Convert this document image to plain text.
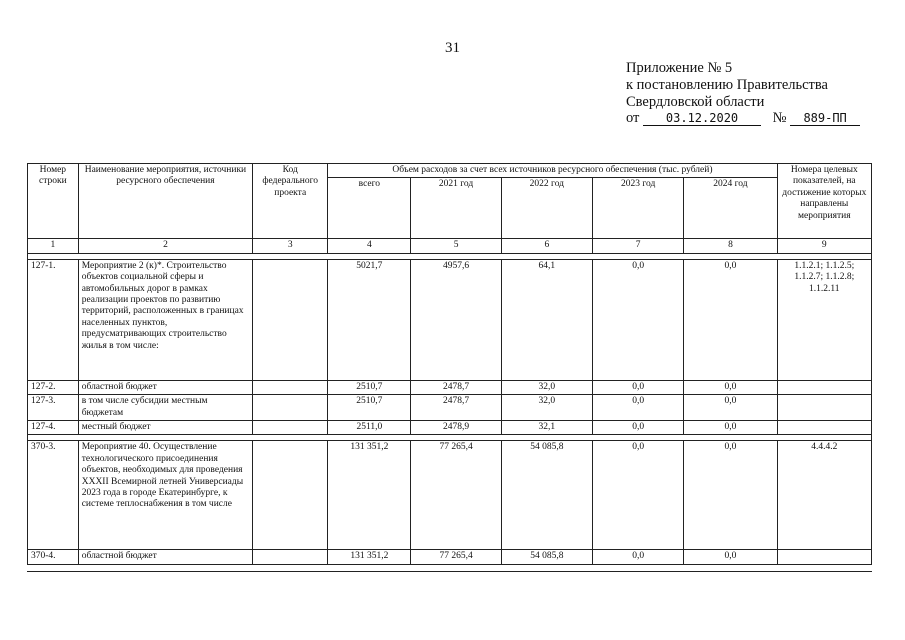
31
Приложение № 5
к постановлению Правительства
Свердловской области
от 03.12.2020 № 889-ПП
Номер строки	Наименование мероприятия, источники ресурсного обеспечения	Код федерального проекта	Объем расходов за счет всех источников ресурсного обеспечения (тыс. рублей)					Номера целевых показателей, на достижение которых направлены мероприятия
			всего	2021 год	2022 год	2023 год	2024 год	
1	2	3	4	5	6	7	8	9

127-1.	Мероприятие 2 (к)*. Строительство объектов социальной сферы и автомобильных дорог в рамках реализации проектов по развитию территорий, расположенных в границах населенных пунктов, предусматривающих строительство жилья в том числе:		5021,7	4957,6	64,1	0,0	0,0	1.1.2.1; 1.1.2.5; 1.1.2.7; 1.1.2.8; 1.1.2.11
127-2.	областной бюджет		2510,7	2478,7	32,0	0,0	0,0	
127-3.	в том числе субсидии местным бюджетам		2510,7	2478,7	32,0	0,0	0,0	
127-4.	местный бюджет		2511,0	2478,9	32,1	0,0	0,0	

370-3.	Мероприятие 40. Осуществление технологического присоединения объектов, необходимых для проведения XXXII Всемирной летней Универсиады 2023 года в городе Екатеринбурге, к системе теплоснабжения в том числе		131 351,2	77 265,4	54 085,8	0,0	0,0	4.4.4.2
370-4.	областной бюджет		131 351,2	77 265,4	54 085,8	0,0	0,0	
